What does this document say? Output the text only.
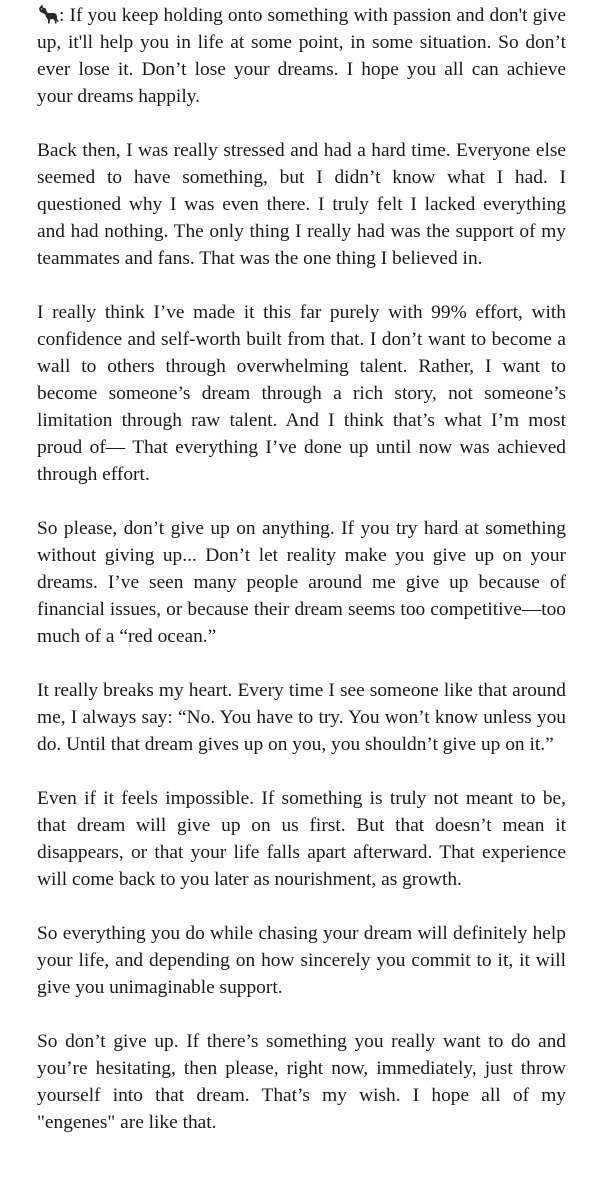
: If you keep holding onto something with passion and don't give up, it'll help you in life at some point, in some situation. So don’t ever lose it. Don’t lose your dreams. I hope you all can achieve your dreams happily.

Back then, I was really stressed and had a hard time. Everyone else seemed to have something, but I didn’t know what I had. I questioned why I was even there. I truly felt I lacked everything and had nothing. The only thing I really had was the support of my teammates and fans. That was the one thing I believed in.

I really think I’ve made it this far purely with 99% effort, with confidence and self-worth built from that. I don’t want to become a wall to others through overwhelming talent. Rather, I want to become someone’s dream through a rich story, not someone’s limitation through raw talent. And I think that’s what I’m most proud of— That everything I’ve done up until now was achieved through effort.

So please, don’t give up on anything. If you try hard at something without giving up... Don’t let reality make you give up on your dreams. I’ve seen many people around me give up because of financial issues, or because their dream seems too competitive—too much of a “red ocean.”

It really breaks my heart. Every time I see someone like that around me, I always say: “No. You have to try. You won’t know unless you do. Until that dream gives up on you, you shouldn’t give up on it.”

Even if it feels impossible. If something is truly not meant to be, that dream will give up on us first. But that doesn’t mean it disappears, or that your life falls apart afterward. That experience will come back to you later as nourishment, as growth.

So everything you do while chasing your dream will definitely help your life, and depending on how sincerely you commit to it, it will give you unimaginable support.

So don’t give up. If there’s something you really want to do and you’re hesitating, then please, right now, immediately, just throw yourself into that dream. That’s my wish. I hope all of my "engenes" are like that.
